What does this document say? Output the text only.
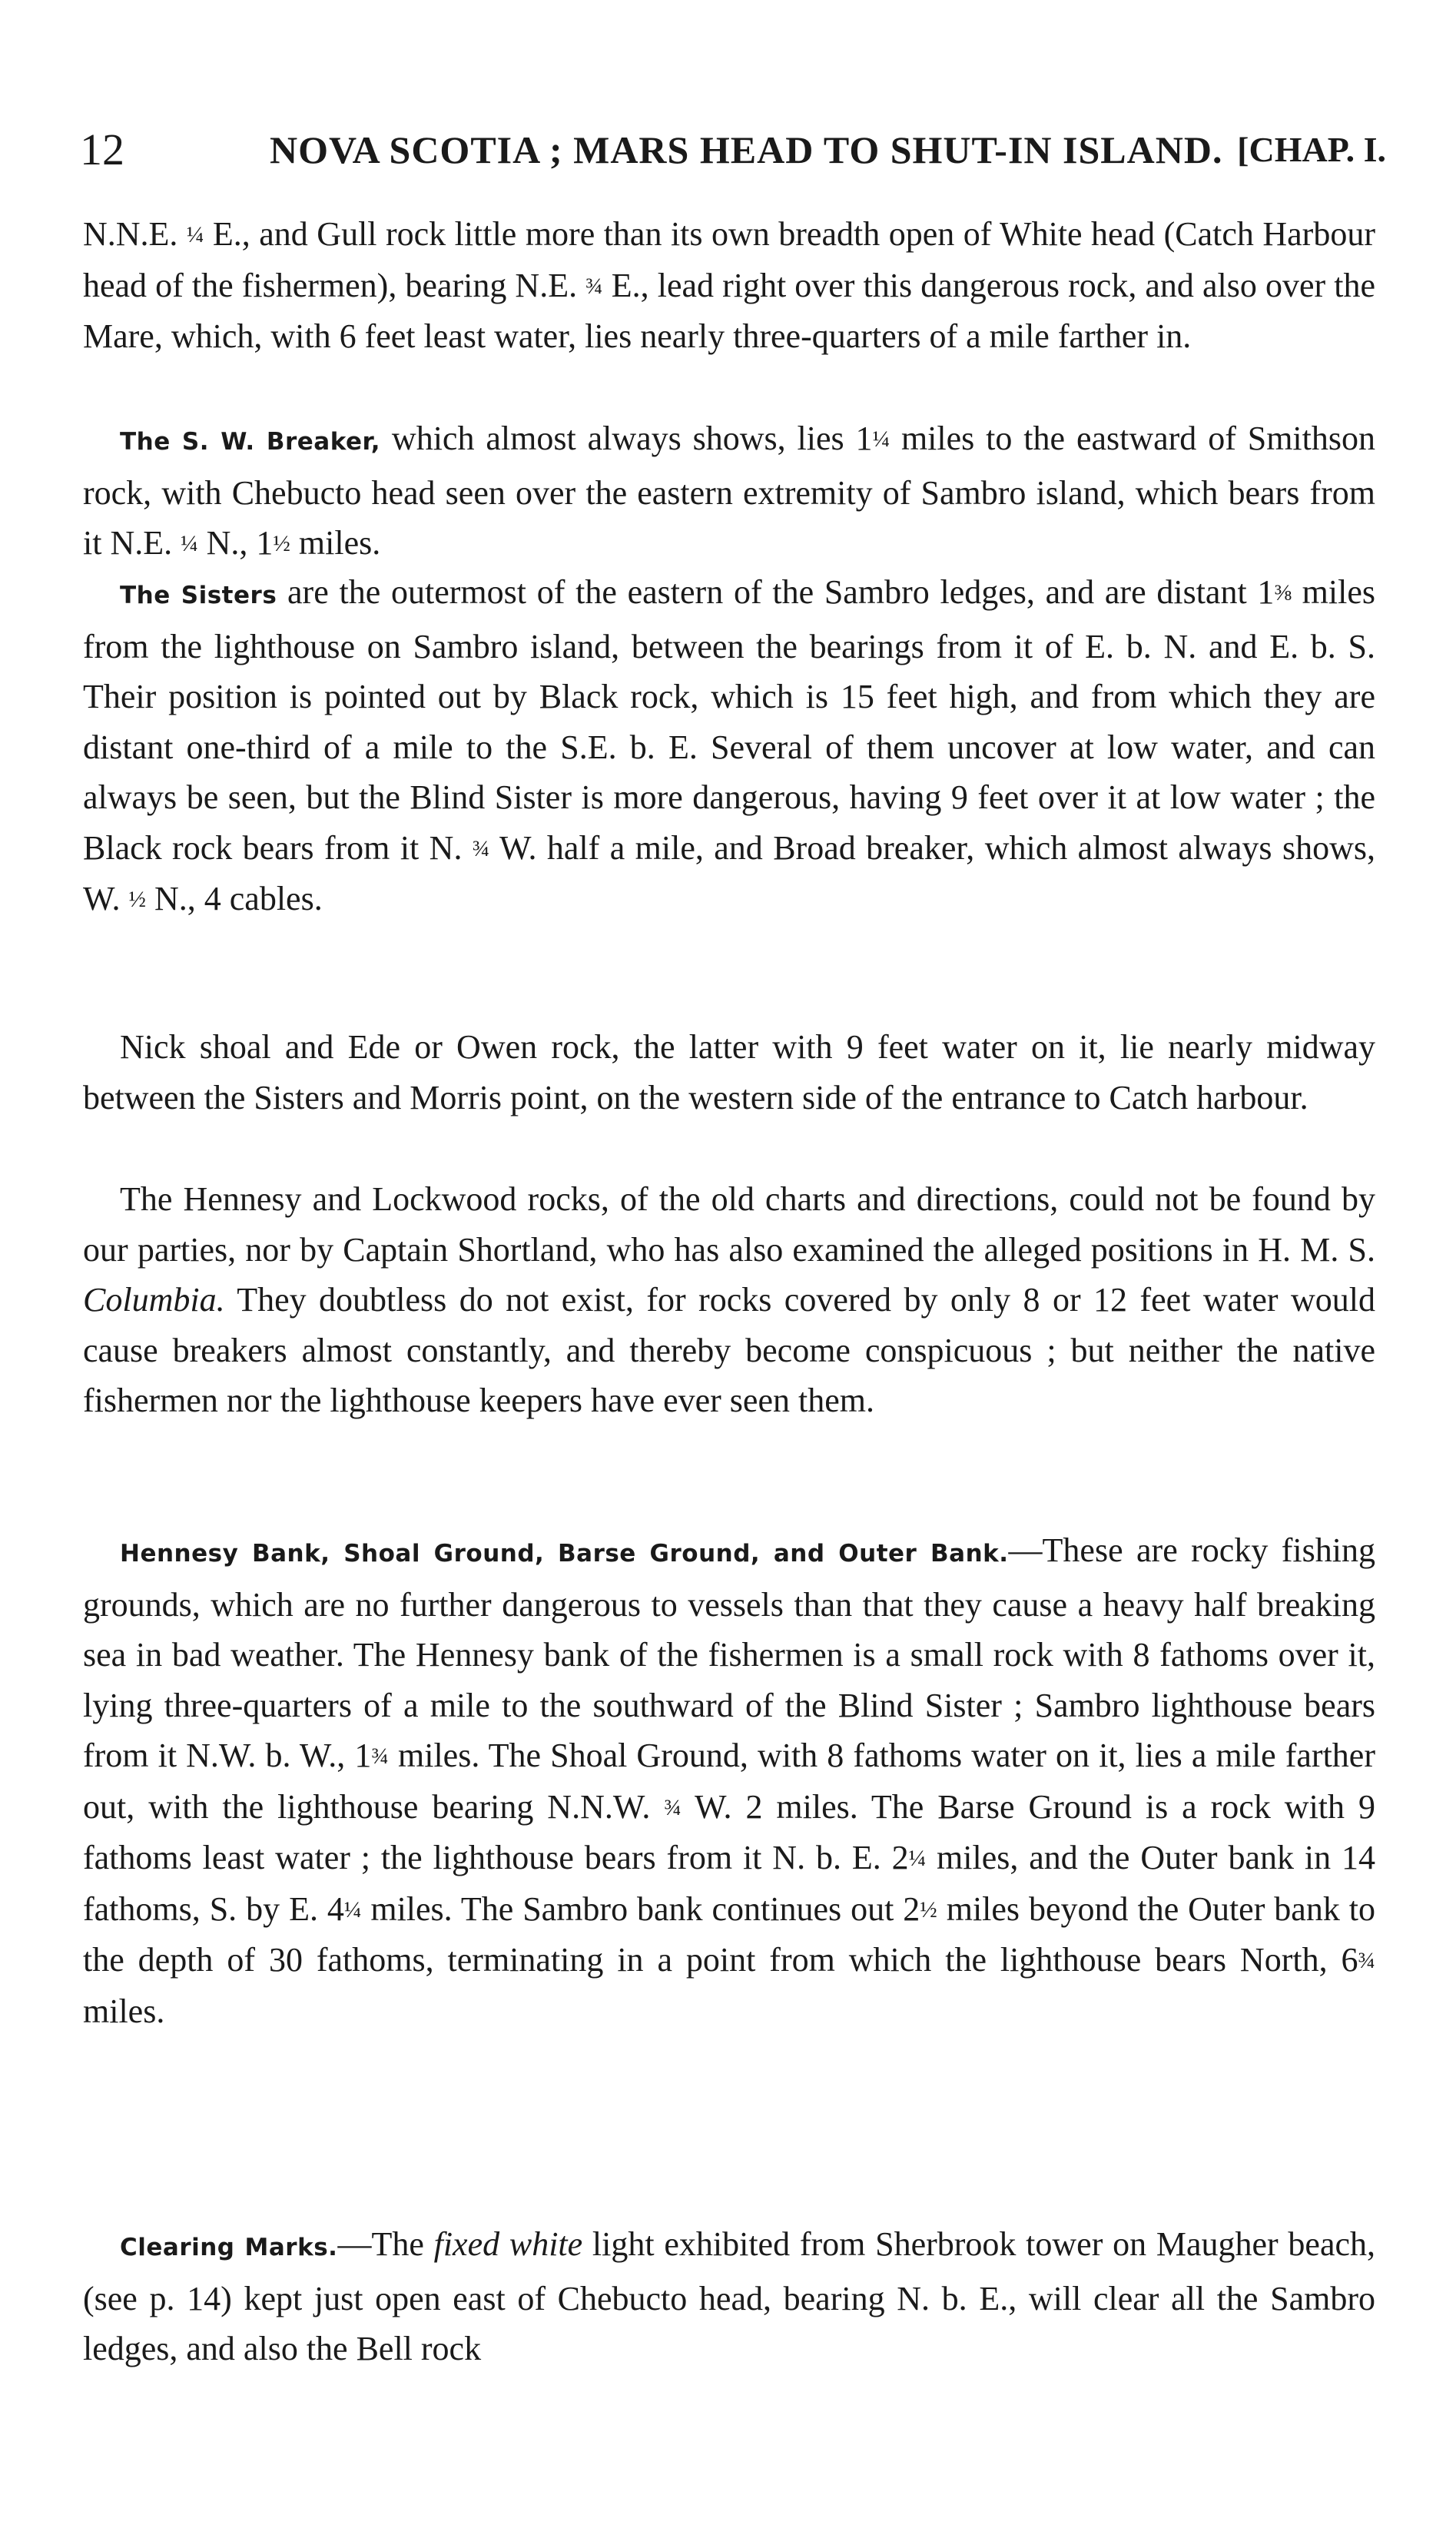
12	NOVA SCOTIA ; MARS HEAD TO SHUT-IN ISLAND. [CHAP. I.

N.N.E. ¼ E., and Gull rock little more than its own breadth open of White head (Catch Harbour head of the fishermen), bearing N.E. ¾ E., lead right over this dangerous rock, and also over the Mare, which, with 6 feet least water, lies nearly three-quarters of a mile farther in.

The S. W. Breaker, which almost always shows, lies 1¼ miles to the eastward of Smithson rock, with Chebucto head seen over the eastern extremity of Sambro island, which bears from it N.E. ¼ N., 1½ miles.

The Sisters are the outermost of the eastern of the Sambro ledges, and are distant 1⅜ miles from the lighthouse on Sambro island, between the bearings from it of E. b. N. and E. b. S. Their position is pointed out by Black rock, which is 15 feet high, and from which they are distant one-third of a mile to the S.E. b. E. Several of them uncover at low water, and can always be seen, but the Blind Sister is more dangerous, having 9 feet over it at low water ; the Black rock bears from it N. ¾ W. half a mile, and Broad breaker, which almost always shows, W. ½ N., 4 cables.

Nick shoal and Ede or Owen rock, the latter with 9 feet water on it, lie nearly midway between the Sisters and Morris point, on the western side of the entrance to Catch harbour.

The Hennesy and Lockwood rocks, of the old charts and directions, could not be found by our parties, nor by Captain Shortland, who has also examined the alleged positions in H. M. S. Columbia. They doubtless do not exist, for rocks covered by only 8 or 12 feet water would cause breakers almost constantly, and thereby become conspicuous ; but neither the native fishermen nor the lighthouse keepers have ever seen them.

Hennesy Bank, Shoal Ground, Barse Ground, and Outer Bank.—These are rocky fishing grounds, which are no further dangerous to vessels than that they cause a heavy half breaking sea in bad weather. The Hennesy bank of the fishermen is a small rock with 8 fathoms over it, lying three-quarters of a mile to the southward of the Blind Sister ; Sambro lighthouse bears from it N.W. b. W., 1¾ miles. The Shoal Ground, with 8 fathoms water on it, lies a mile farther out, with the lighthouse bearing N.N.W. ¾ W. 2 miles. The Barse Ground is a rock with 9 fathoms least water ; the lighthouse bears from it N. b. E. 2¼ miles, and the Outer bank in 14 fathoms, S. by E. 4¼ miles. The Sambro bank continues out 2½ miles beyond the Outer bank to the depth of 30 fathoms, terminating in a point from which the lighthouse bears North, 6¾ miles.

Clearing Marks.—The fixed white light exhibited from Sherbrook tower on Maugher beach, (see p. 14) kept just open east of Chebucto head, bearing N. b. E., will clear all the Sambro ledges, and also the Bell rock
